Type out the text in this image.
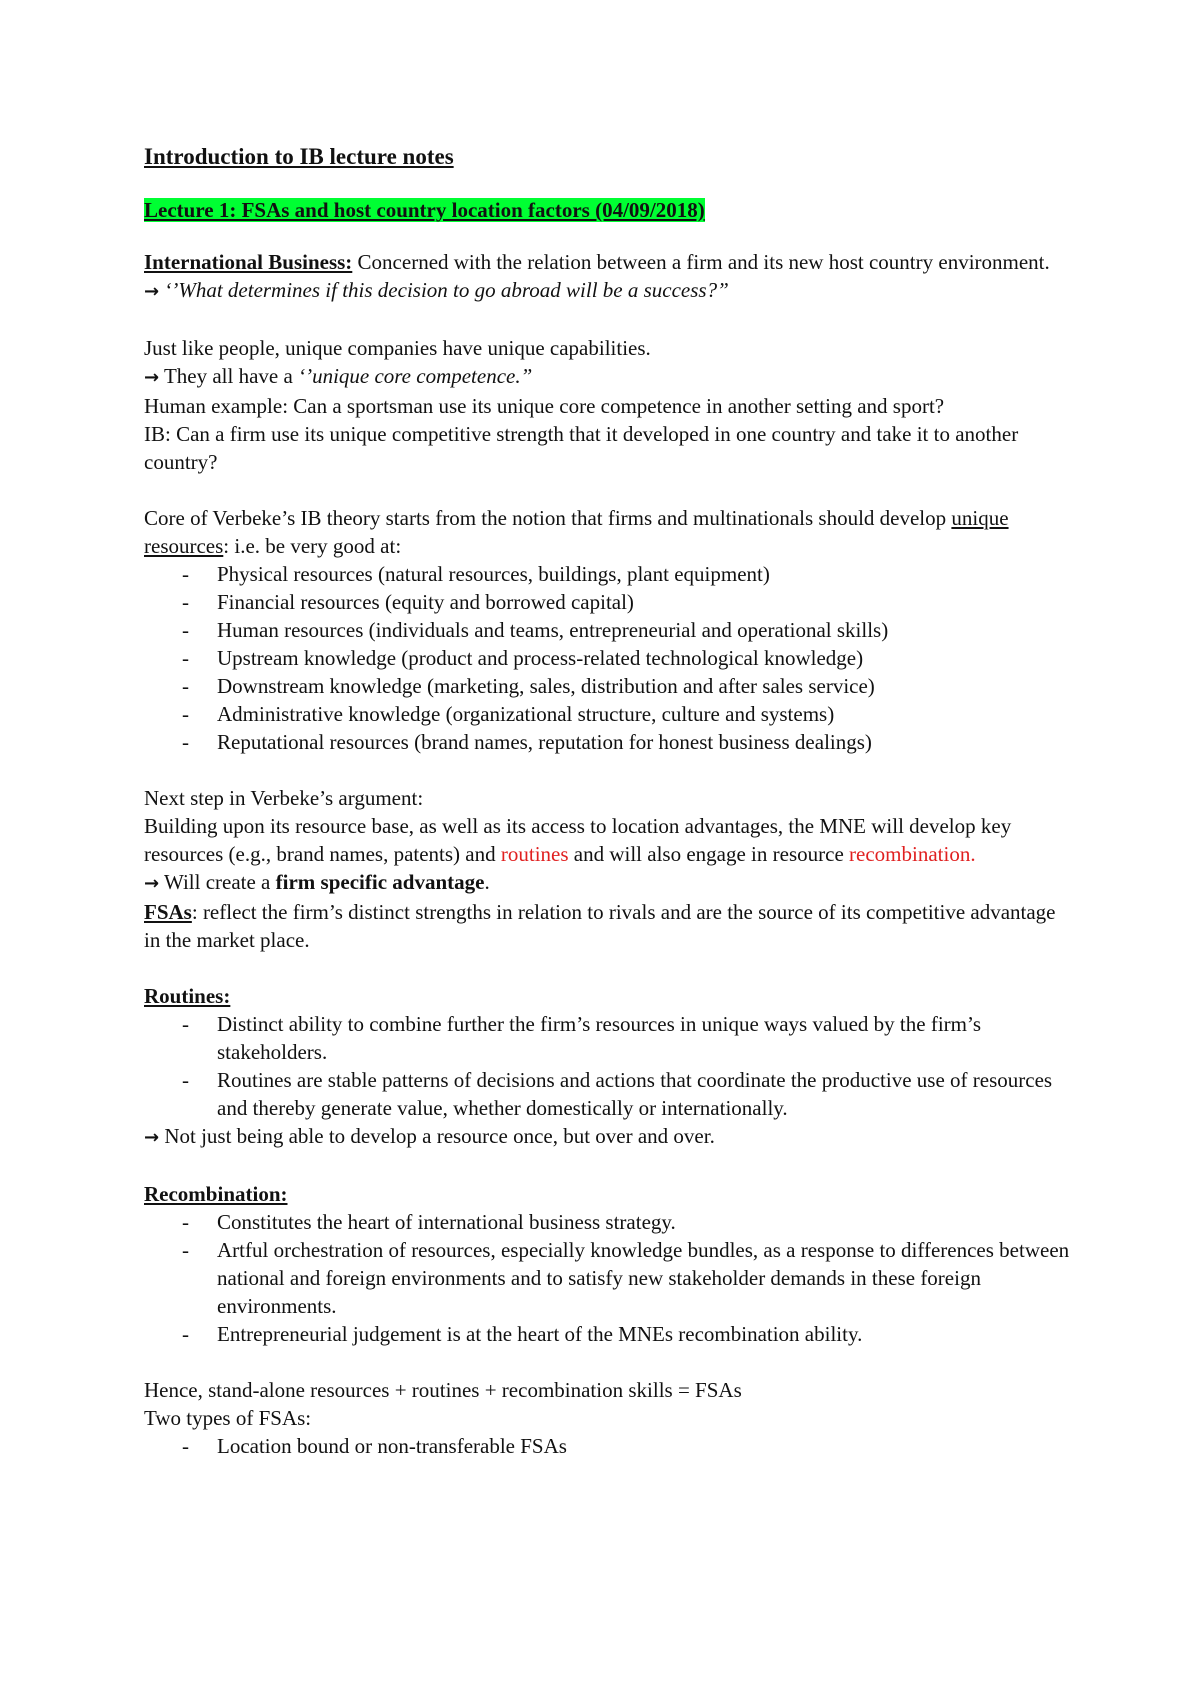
Introduction to IB lecture notes
Lecture 1: FSAs and host country location factors (04/09/2018)

International Business: Concerned with the relation between a firm and its new host country environment.

→ ‘’What determines if this decision to go abroad will be a success?”

Just like people, unique companies have unique capabilities.

→ They all have a ‘’unique core competence.”

Human example: Can a sportsman use its unique core competence in another setting and sport?

IB: Can a firm use its unique competitive strength that it developed in one country and take it to another country?

Core of Verbeke’s IB theory starts from the notion that firms and multinationals should develop unique resources: i.e. be very good at:

- Physical resources (natural resources, buildings, plant equipment)
- Financial resources (equity and borrowed capital)
- Human resources (individuals and teams, entrepreneurial and operational skills)
- Upstream knowledge (product and process-related technological knowledge)
- Downstream knowledge (marketing, sales, distribution and after sales service)
- Administrative knowledge (organizational structure, culture and systems)
- Reputational resources (brand names, reputation for honest business dealings)

Next step in Verbeke’s argument:

Building upon its resource base, as well as its access to location advantages, the MNE will develop key resources (e.g., brand names, patents) and routines and will also engage in resource recombination.

→ Will create a firm specific advantage.

FSAs: reflect the firm’s distinct strengths in relation to rivals and are the source of its competitive advantage in the market place.

Routines:

- Distinct ability to combine further the firm’s resources in unique ways valued by the firm’s stakeholders.
- Routines are stable patterns of decisions and actions that coordinate the productive use of resources and thereby generate value, whether domestically or internationally.

→ Not just being able to develop a resource once, but over and over.

Recombination:

- Constitutes the heart of international business strategy.
- Artful orchestration of resources, especially knowledge bundles, as a response to differences between national and foreign environments and to satisfy new stakeholder demands in these foreign environments.
- Entrepreneurial judgement is at the heart of the MNEs recombination ability.

Hence, stand-alone resources + routines + recombination skills = FSAs

Two types of FSAs:

- Location bound or non-transferable FSAs
